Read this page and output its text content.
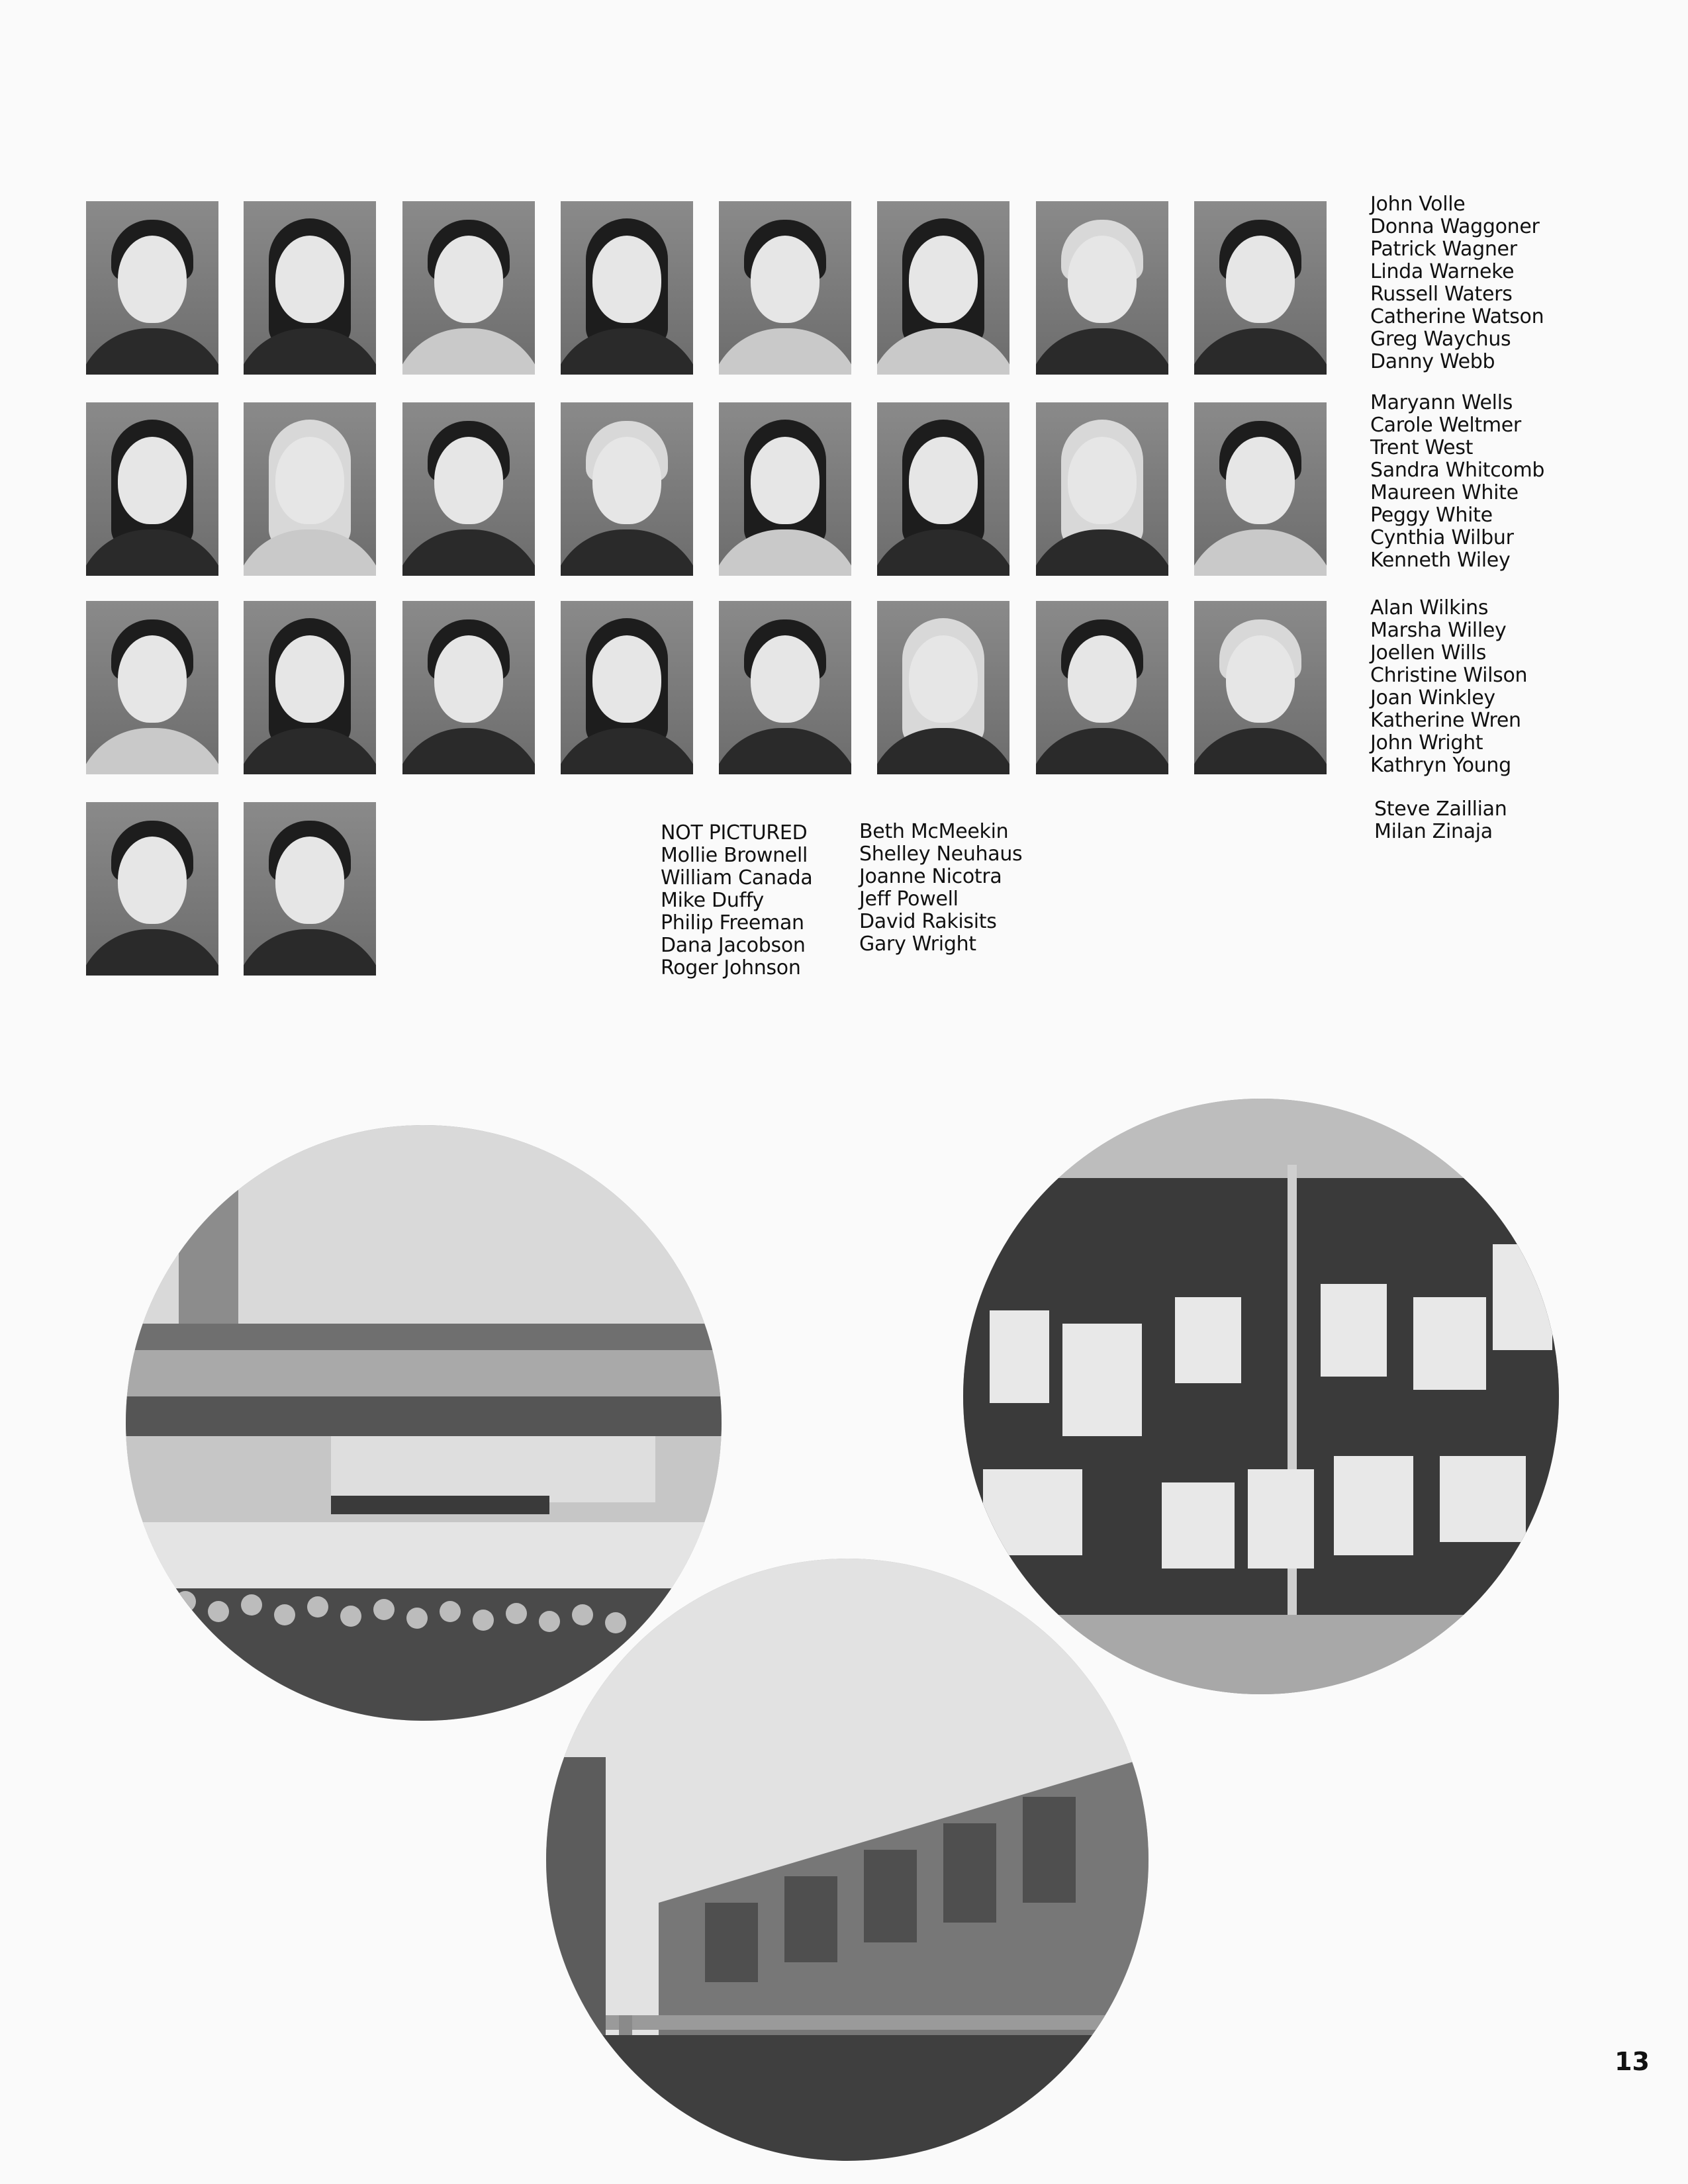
John Volle
Donna Waggoner
Patrick Wagner
Linda Warneke
Russell Waters
Catherine Watson
Greg Waychus
Danny Webb
Maryann Wells
Carole Weltmer
Trent West
Sandra Whitcomb
Maureen White
Peggy White
Cynthia Wilbur
Kenneth Wiley
Alan Wilkins
Marsha Willey
Joellen Wills
Christine Wilson
Joan Winkley
Katherine Wren
John Wright
Kathryn Young
Steve Zaillian
Milan Zinaja
NOT PICTURED
Mollie Brownell
William Canada
Mike Duffy
Philip Freeman
Dana Jacobson
Roger Johnson
Beth McMeekin
Shelley Neuhaus
Joanne Nicotra
Jeff Powell
David Rakisits
Gary Wright
13
